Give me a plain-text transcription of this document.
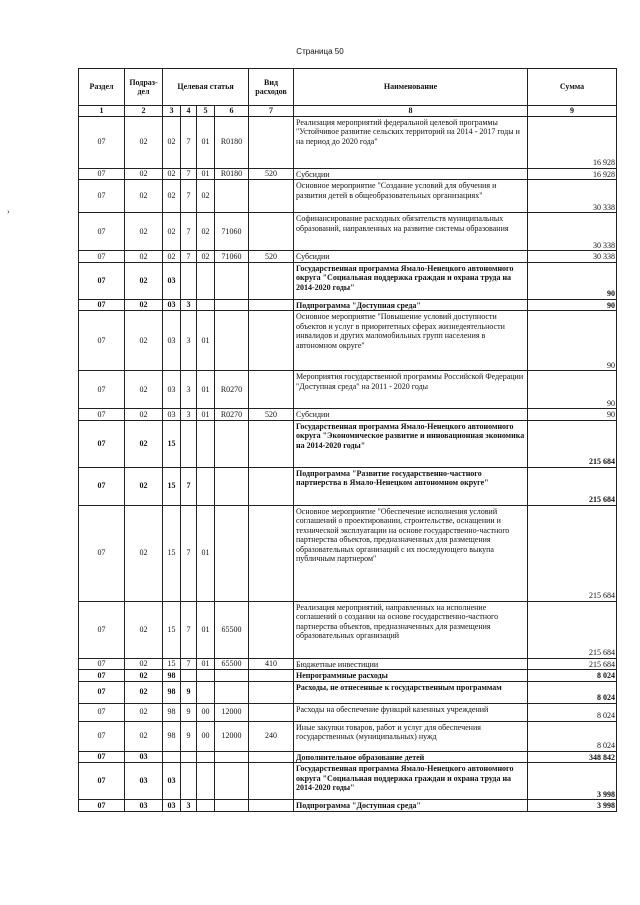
Страница 50
›
Раздел	Подраз-дел	Целевая статья				Вид расходов	Наименование	Сумма
1	2	3	4	5	6	7	8	9
07	02	02	7	01	R0180		Реализация мероприятий федеральной целевой программы "Устойчивое развитие сельских территорий на 2014 - 2017 годы и на период до 2020 года"	16 928
07	02	02	7	01	R0180	520	Субсидии	16 928
07	02	02	7	02			Основное мероприятие "Создание условий для обучения и развития детей в общеобразовательных организациях"	30 338
07	02	02	7	02	71060		Софинансирование расходных обязательств муниципальных образований, направленных на развитие системы образования	30 338
07	02	02	7	02	71060	520	Субсидии	30 338
07	02	03					Государственная программа Ямало-Ненецкого автономного округа "Социальная поддержка граждан и охрана труда на 2014-2020 годы"	90
07	02	03	3				Подпрограмма "Доступная среда"	90
07	02	03	3	01			Основное мероприятие "Повышение условий доступности объектов и услуг в приоритетных сферах жизнедеятельности инвалидов и других маломобильных групп населения в автономном округе"	90
07	02	03	3	01	R0270		Мероприятия государственной программы Российской Федерации "Доступная среда" на 2011 - 2020 годы	90
07	02	03	3	01	R0270	520	Субсидии	90
07	02	15					Государственная программа Ямало-Ненецкого автономного округа "Экономическое развитие и инновационная экономика на 2014-2020 годы"	215 684
07	02	15	7				Подпрограмма "Развитие государственно-частного партнерства в Ямало-Ненецком автономном округе"	215 684
07	02	15	7	01			Основное мероприятие "Обеспечение исполнения условий соглашений о проектировании, строительстве, оснащении и технической эксплуатации на основе государственно-частного партнерства объектов, предназначенных для размещения образовательных организаций с их последующего выкупа публичным партнером"	215 684
07	02	15	7	01	65500		Реализация мероприятий, направленных на исполнение соглашений о создании на основе государственно-частного партнерства объектов, предназначенных для размещения образовательных организаций	215 684
07	02	15	7	01	65500	410	Бюджетные инвестиции	215 684
07	02	98					Непрограммные расходы	8 024
07	02	98	9				Расходы, не отнесенные к государственным программам	8 024
07	02	98	9	00	12000		Расходы на обеспечение функций казенных учреждений	8 024
07	02	98	9	00	12000	240	Иные закупки товаров, работ и услуг для обеспечения государственных (муниципальных) нужд	8 024
07	03						Дополнительное образование детей	348 842
07	03	03					Государственная программа Ямало-Ненецкого автономного округа "Социальная поддержка граждан и охрана труда на 2014-2020 годы"	3 998
07	03	03	3				Подпрограмма "Доступная среда"	3 998
